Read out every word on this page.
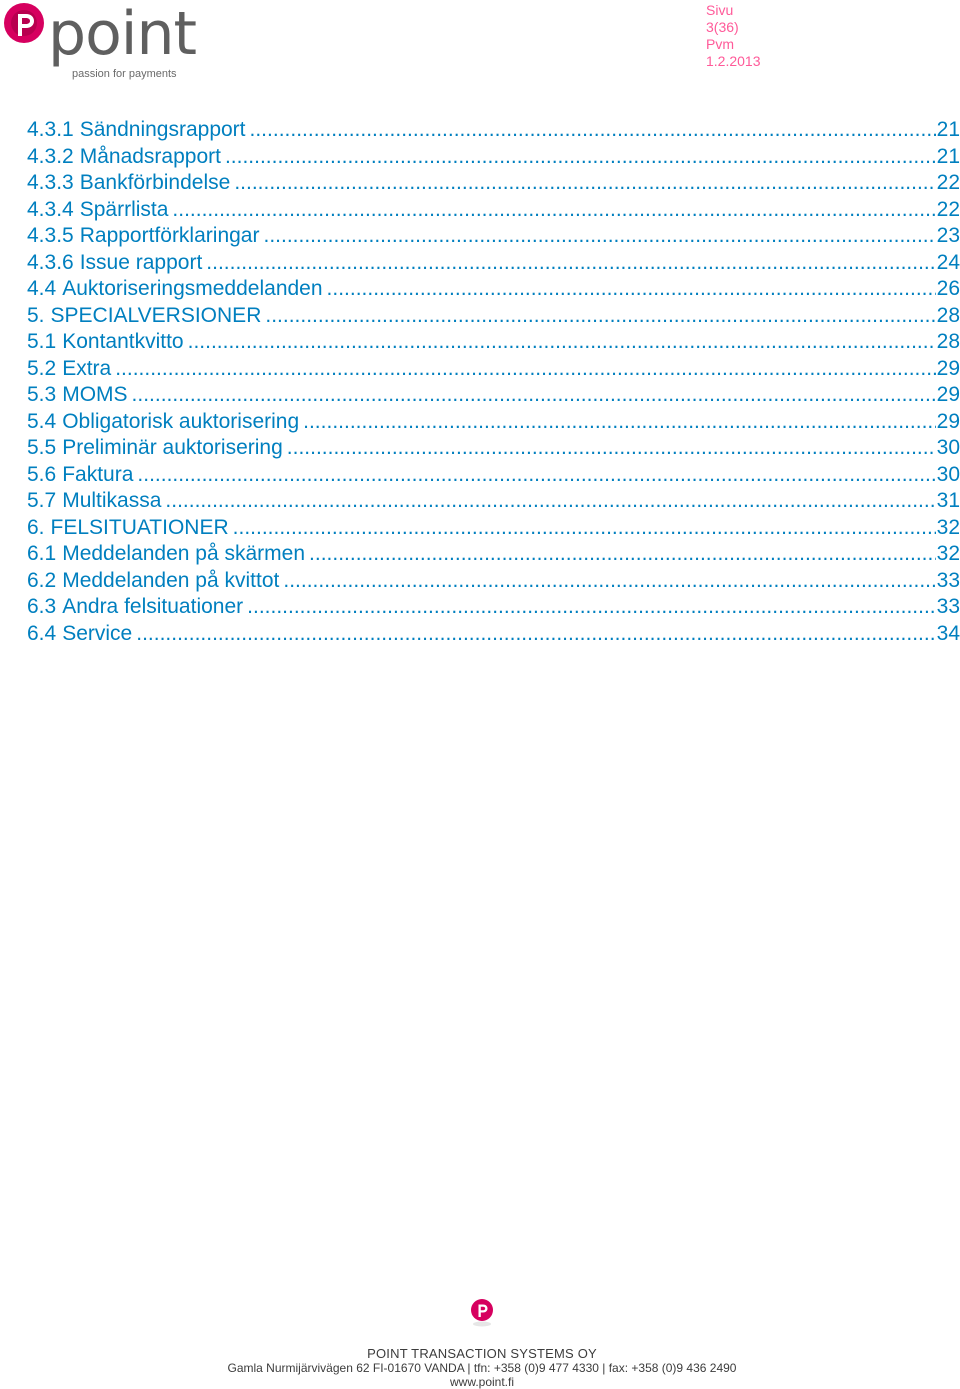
point
passion for payments
Sivu
3(36)
Pvm
1.2.2013
4.3.1 Sändningsrapport .....	21
4.3.2 Månadsrapport .....	21
4.3.3 Bankförbindelse .....	22
4.3.4 Spärrlista .....	22
4.3.5 Rapportförklaringar .....	23
4.3.6 Issue rapport .....	24
4.4 Auktoriseringsmeddelanden .....	26
5. SPECIALVERSIONER .....	28
5.1 Kontantkvitto .....	28
5.2 Extra .....	29
5.3 MOMS .....	29
5.4 Obligatorisk auktorisering .....	29
5.5 Preliminär auktorisering .....	30
5.6 Faktura .....	30
5.7 Multikassa .....	31
6. FELSITUATIONER .....	32
6.1 Meddelanden på skärmen .....	32
6.2 Meddelanden på kvittot .....	33
6.3 Andra felsituationer .....	33
6.4 Service .....	34
POINT TRANSACTION SYSTEMS OY
Gamla Nurmijärvivägen 62 FI-01670 VANDA | tfn: +358 (0)9 477 4330 | fax: +358 (0)9 436 2490
www.point.fi
